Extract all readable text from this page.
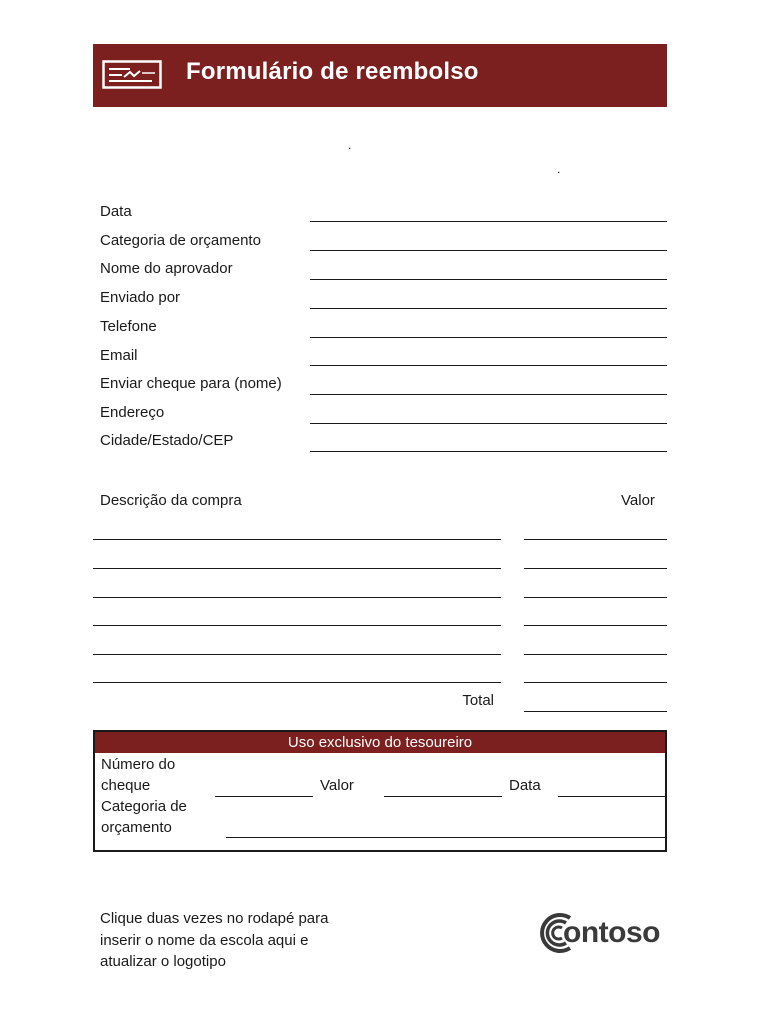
Formulário de reembolso
.
.
Data
Categoria de orçamento
Nome do aprovador
Enviado por
Telefone
Email
Enviar cheque para (nome)
Endereço
Cidade/Estado/CEP
Descrição da compra	Valor
Total
Uso exclusivo do tesoureiro
Número do
cheque	Valor	Data
Categoria de
orçamento
Clique duas vezes no rodapé para
inserir o nome da escola aqui e
atualizar o logotipo
ontoso
